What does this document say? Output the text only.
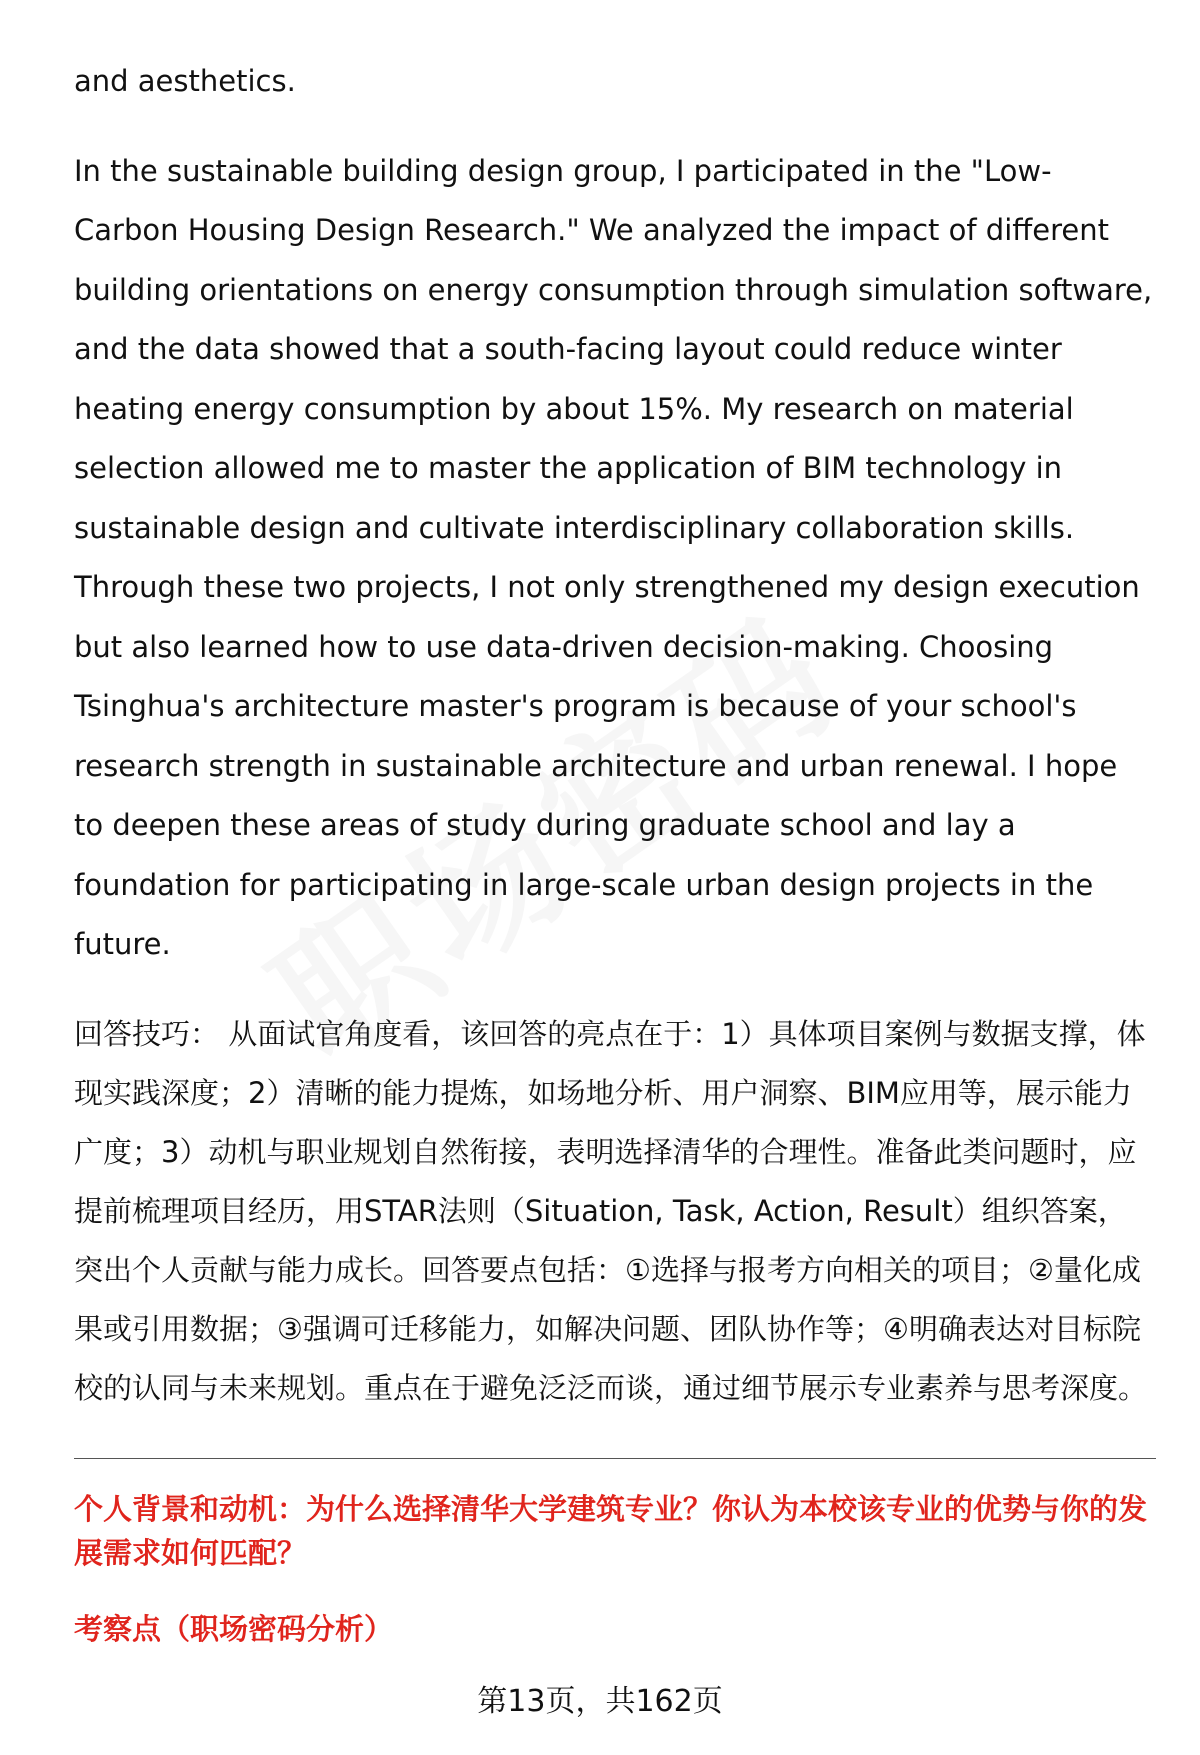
and aesthetics.

In the sustainable building design group, I participated in the "Low-Carbon Housing Design Research." We analyzed the impact of different building orientations on energy consumption through simulation software, and the data showed that a south-facing layout could reduce winter heating energy consumption by about 15%. My research on material selection allowed me to master the application of BIM technology in sustainable design and cultivate interdisciplinary collaboration skills. Through these two projects, I not only strengthened my design execution but also learned how to use data-driven decision-making. Choosing Tsinghua's architecture master's program is because of your school's research strength in sustainable architecture and urban renewal. I hope to deepen these areas of study during graduate school and lay a foundation for participating in large-scale urban design projects in the future.

回答技巧： 从面试官角度看，该回答的亮点在于：1）具体项目案例与数据支撑，体现实践深度；2）清晰的能力提炼，如场地分析、用户洞察、BIM应用等，展示能力广度；3）动机与职业规划自然衔接，表明选择清华的合理性。准备此类问题时，应提前梳理项目经历，用STAR法则（Situation, Task, Action, Result）组织答案，突出个人贡献与能力成长。回答要点包括：①选择与报考方向相关的项目；②量化成果或引用数据；③强调可迁移能力，如解决问题、团队协作等；④明确表达对目标院校的认同与未来规划。重点在于避免泛泛而谈，通过细节展示专业素养与思考深度。
个人背景和动机：为什么选择清华大学建筑专业？你认为本校该专业的优势与你的发展需求如何匹配？
考察点（职场密码分析）
第13页，共162页
